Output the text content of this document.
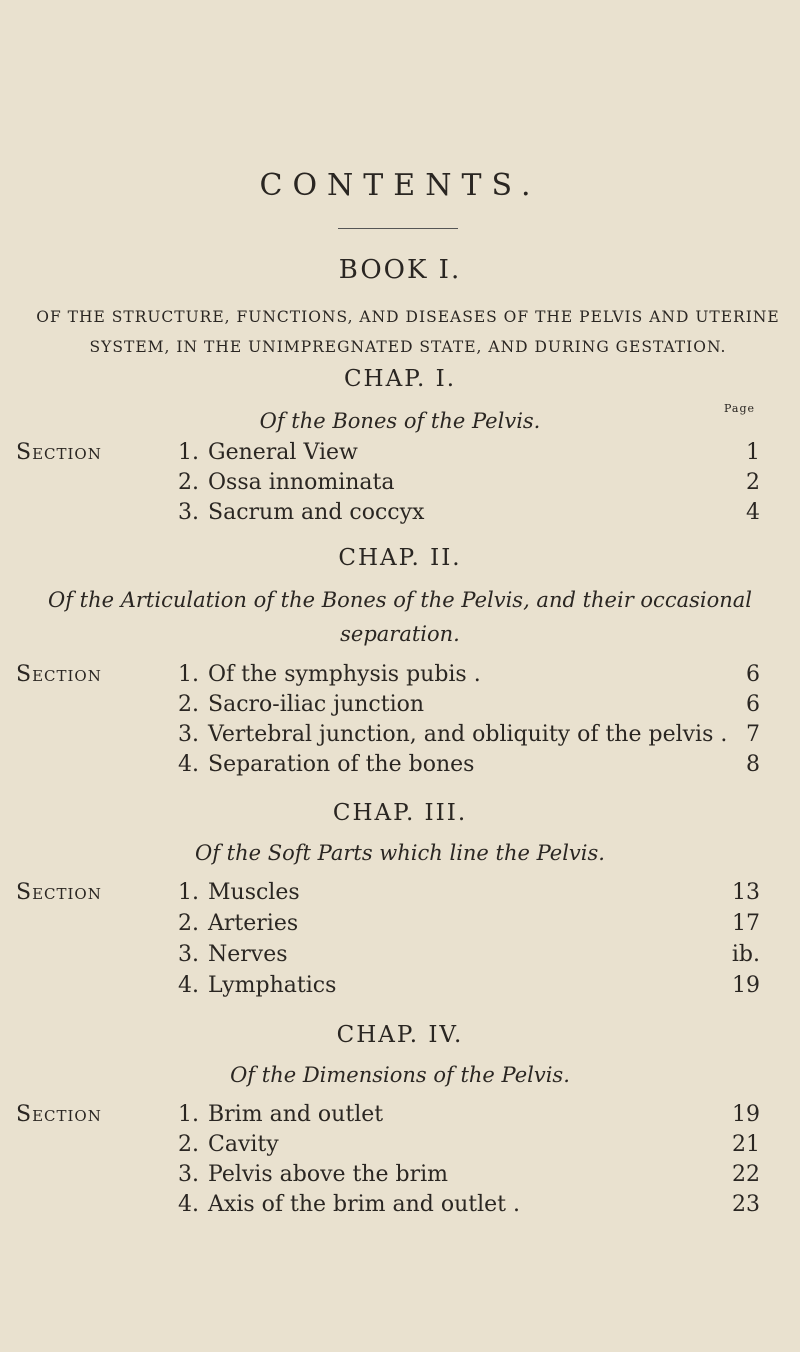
CONTENTS.
BOOK I.
OF THE STRUCTURE, FUNCTIONS, AND DISEASES OF THE PELVIS AND UTERINE
SYSTEM, IN THE UNIMPREGNATED STATE, AND DURING GESTATION.
CHAP. I.
Of the Bones of the Pelvis.
Page
Section	1. General View	1
2. Ossa innominata	2
3. Sacrum and coccyx	4
CHAP. II.
Of the Articulation of the Bones of the Pelvis, and their occasional
separation.
Section	1. Of the symphysis pubis .	6
2. Sacro-iliac junction	6
3. Vertebral junction, and obliquity of the pelvis . 7
4. Separation of the bones	8
CHAP. III.
Of the Soft Parts which line the Pelvis.
Section	1. Muscles	13
2. Arteries	17
3. Nerves	ib.
4. Lymphatics	19
CHAP. IV.
Of the Dimensions of the Pelvis.
Section	1. Brim and outlet	19
2. Cavity	21
3. Pelvis above the brim	22
4. Axis of the brim and outlet .	23
